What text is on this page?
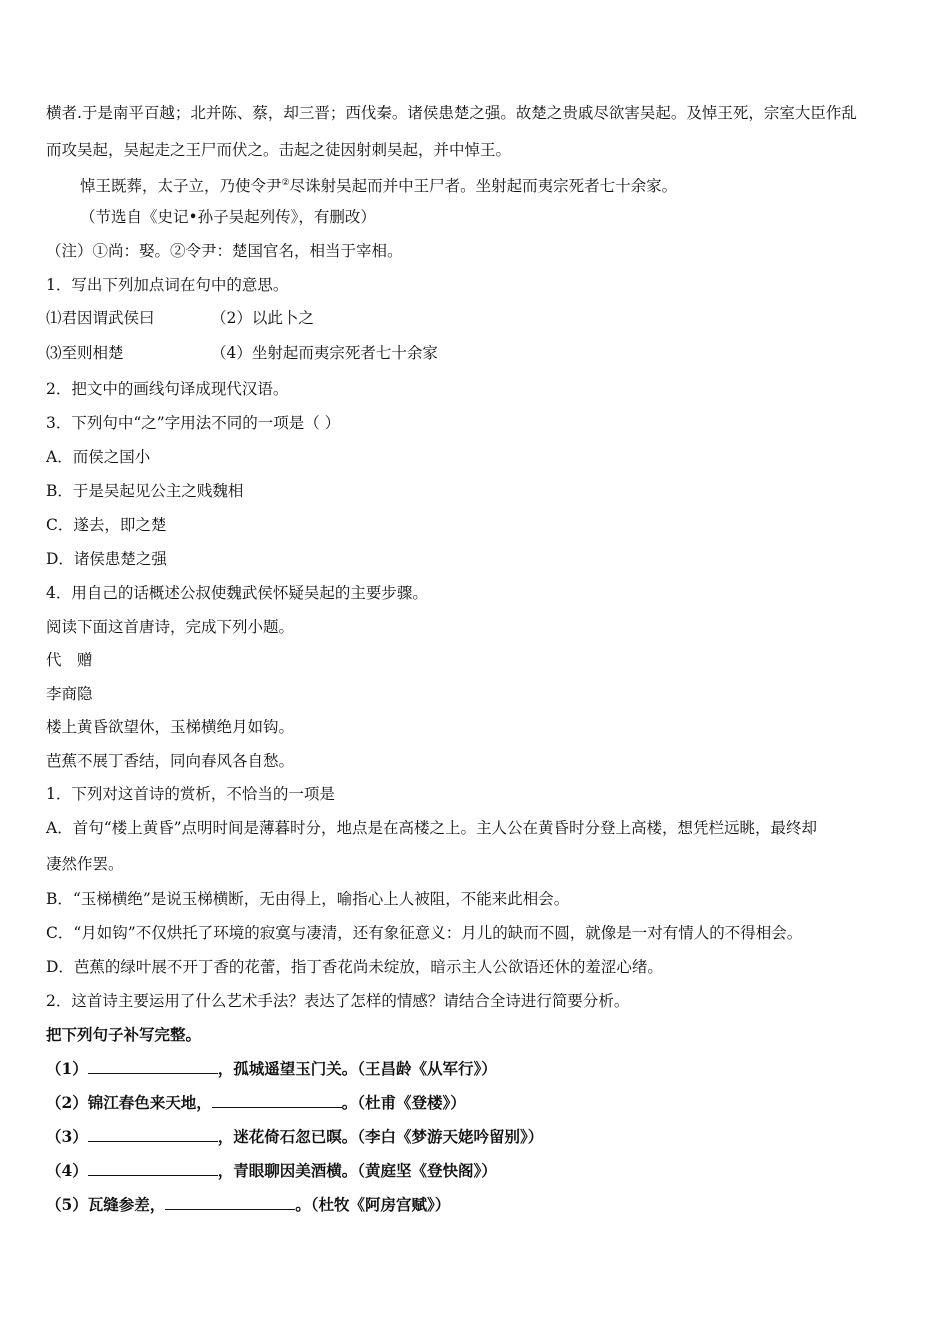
横者.于是南平百越；北并陈、蔡，却三晋；西伐秦。诸侯患楚之强。故楚之贵戚尽欲害吴起。及悼王死，宗室大臣作乱
而攻吴起，吴起走之王尸而伏之。击起之徒因射刺吴起，并中悼王。
悼王既葬，太子立，乃使令尹②尽诛射吴起而并中王尸者。坐射起而夷宗死者七十余家。
（节选自《史记•孙子吴起列传》，有删改）
（注）①尚：娶。②令尹：楚国官名，相当于宰相。
1．写出下列加点词在句中的意思。
⑴君因谓武侯曰	（2）以此卜之
⑶至则相楚	（4）坐射起而夷宗死者七十余家
2．把文中的画线句译成现代汉语。
3．下列句中“之”字用法不同的一项是（ ）
A．而侯之国小
B．于是吴起见公主之贱魏相
C．遂去，即之楚
D．诸侯患楚之强
4．用自己的话概述公叔使魏武侯怀疑吴起的主要步骤。
阅读下面这首唐诗，完成下列小题。
代　赠
李商隐
楼上黄昏欲望休，玉梯横绝月如钩。
芭蕉不展丁香结，同向春风各自愁。
1．下列对这首诗的赏析，不恰当的一项是
A．首句“楼上黄昏”点明时间是薄暮时分，地点是在高楼之上。主人公在黄昏时分登上高楼，想凭栏远眺，最终却
凄然作罢。
B．“玉梯横绝”是说玉梯横断，无由得上，喻指心上人被阻，不能来此相会。
C．“月如钩”不仅烘托了环境的寂寞与凄清，还有象征意义：月儿的缺而不圆，就像是一对有情人的不得相会。
D．芭蕉的绿叶展不开丁香的花蕾，指丁香花尚未绽放，暗示主人公欲语还休的羞涩心绪。
2．这首诗主要运用了什么艺术手法？表达了怎样的情感？请结合全诗进行简要分析。
把下列句子补写完整。
（1）	，孤城遥望玉门关。（王昌龄《从军行》）
（2）锦江春色来天地，	。（杜甫《登楼》）
（3）	，迷花倚石忽已暝。（李白《梦游天姥吟留别》）
（4）	，青眼聊因美酒横。（黄庭坚《登快阁》）
（5）瓦缝参差，	。（杜牧《阿房宫赋》）
